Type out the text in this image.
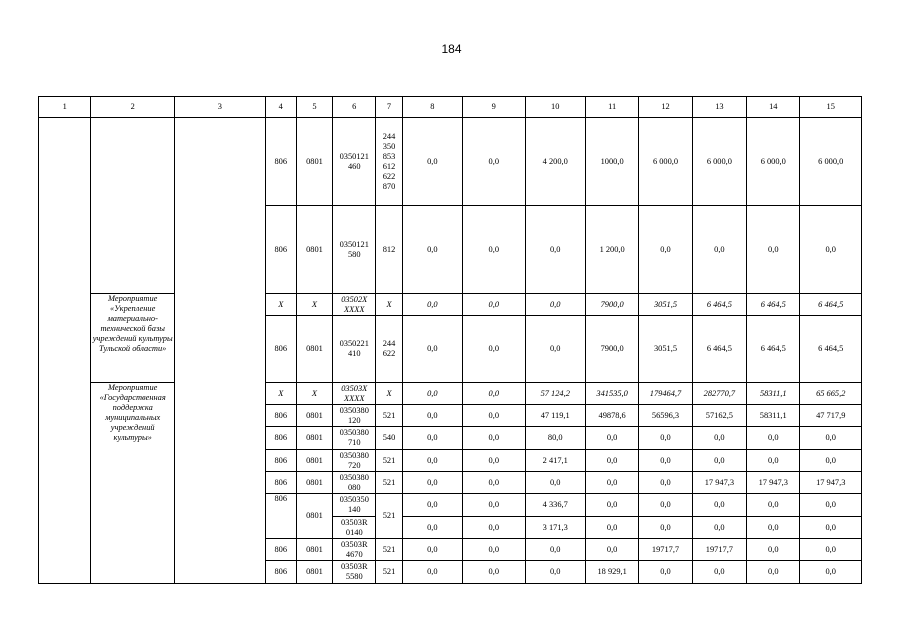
184
1	2	3	4	5	6	7	8	9	10	11	12	13	14	15
			806	0801	0350121 460	244 350 853 612 622 870	0,0	0,0	4 200,0	1000,0	6 000,0	6 000,0	6 000,0	6 000,0
			806	0801	0350121 580	812	0,0	0,0	0,0	1 200,0	0,0	0,0	0,0	0,0
	Мероприятие «Укрепление материально-технической базы учреждений культуры Тульской области»		X	X	03502X XXXX	X	0,0	0,0	0,0	7900,0	3051,5	6 464,5	6 464,5	6 464,5
			806	0801	0350221 410	244 622	0,0	0,0	0,0	7900,0	3051,5	6 464,5	6 464,5	6 464,5
	Мероприятие «Государственная поддержка муниципальных учреждений культуры»		X	X	03503X XXXX	X	0,0	0,0	57 124,2	341535,0	179464,7	282770,7	58311,1	65 665,2
			806	0801	0350380 120	521	0,0	0,0	47 119,1	49878,6	56596,3	57162,5	58311,1	47 717,9
			806	0801	0350380 710	540	0,0	0,0	80,0	0,0	0,0	0,0	0,0	0,0
			806	0801	0350380 720	521	0,0	0,0	2 417,1	0,0	0,0	0,0	0,0	0,0
			806	0801	0350380 080	521	0,0	0,0	0,0	0,0	0,0	17 947,3	17 947,3	17 947,3
			806	0801	0350350 140	521	0,0	0,0	4 336,7	0,0	0,0	0,0	0,0	0,0
					03503R 0140		0,0	0,0	3 171,3	0,0	0,0	0,0	0,0	0,0
			806	0801	03503R 4670	521	0,0	0,0	0,0	0,0	19717,7	19717,7	0,0	0,0
			806	0801	03503R 5580	521	0,0	0,0	0,0	18 929,1	0,0	0,0	0,0	0,0
